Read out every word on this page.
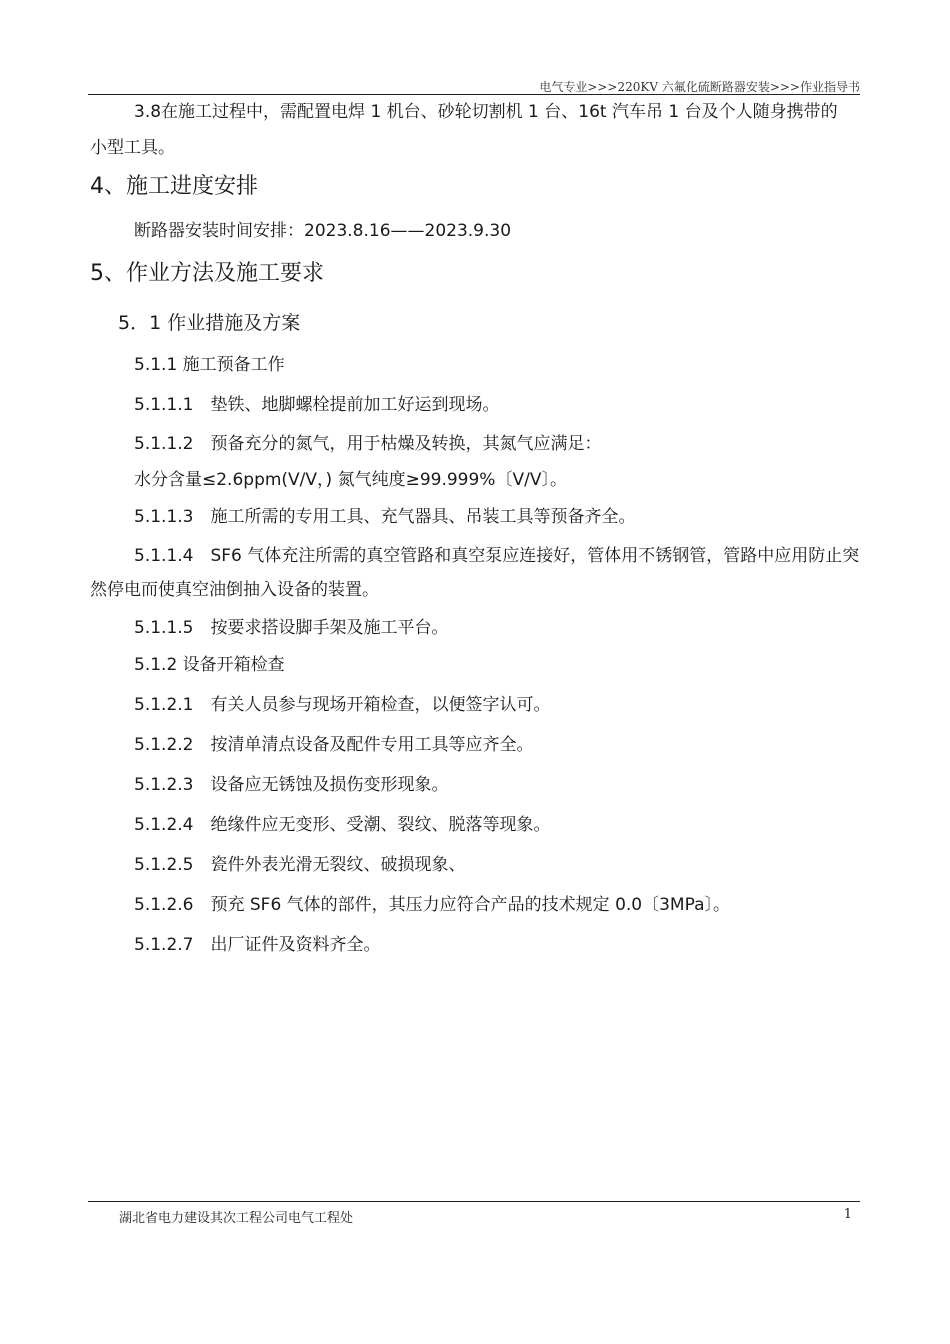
电气专业>>>220KV 六氟化硫断路器安装>>>作业指导书
3.8在施工过程中，需配置电焊 1 机台、砂轮切割机 1 台、16t 汽车吊 1 台及个人随身携带的
小型工具。
4、施工进度安排
断路器安装时间安排：2023.8.16——2023.9.30
5、作业方法及施工要求
5．1 作业措施及方案
5.1.1 施工预备工作
5.1.1.1　垫铁、地脚螺栓提前加工好运到现场。
5.1.1.2　预备充分的氮气，用于枯燥及转换，其氮气应满足：
水分含量≤2.6ppm(V/V，) 氮气纯度≥99.999%〔V/V〕。
5.1.1.3　施工所需的专用工具、充气器具、吊装工具等预备齐全。
5.1.1.4　SF6 气体充注所需的真空管路和真空泵应连接好，管体用不锈钢管，管路中应用防止突
然停电而使真空油倒抽入设备的装置。
5.1.1.5　按要求搭设脚手架及施工平台。
5.1.2 设备开箱检查
5.1.2.1　有关人员参与现场开箱检查，以便签字认可。
5.1.2.2　按清单清点设备及配件专用工具等应齐全。
5.1.2.3　设备应无锈蚀及损伤变形现象。
5.1.2.4　绝缘件应无变形、受潮、裂纹、脱落等现象。
5.1.2.5　瓷件外表光滑无裂纹、破损现象、
5.1.2.6　预充 SF6 气体的部件，其压力应符合产品的技术规定 0.0〔3MPa〕。
5.1.2.7　出厂证件及资料齐全。
湖北省电力建设其次工程公司电气工程处	1
